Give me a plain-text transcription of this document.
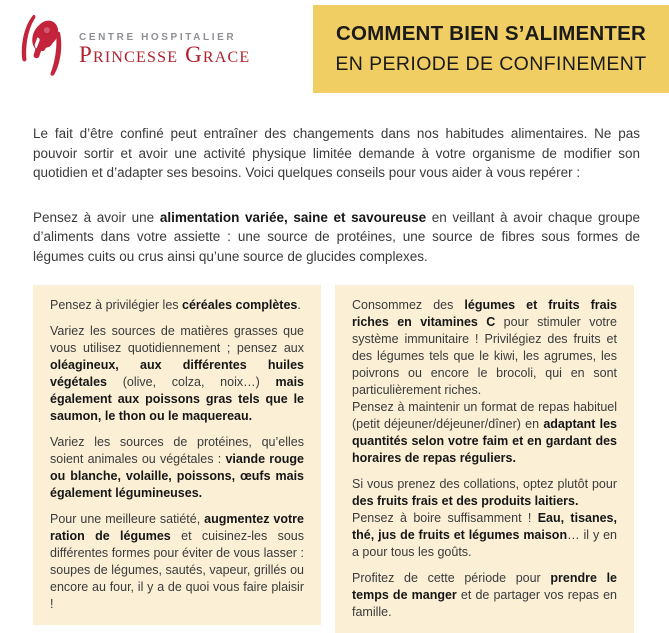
CENTRE HOSPITALIER
Princesse Grace
COMMENT BIEN S’ALIMENTER
EN PERIODE DE CONFINEMENT

Le fait d’être confiné peut entraîner des changements dans nos habitudes alimentaires. Ne pas pouvoir sortir et avoir une activité physique limitée demande à votre organisme de modifier son quotidien et d’adapter ses besoins. Voici quelques conseils pour vous aider à vous repérer :

Pensez à avoir une alimentation variée, saine et savoureuse en veillant à avoir chaque groupe d’aliments dans votre assiette : une source de protéines, une source de fibres sous formes de légumes cuits ou crus ainsi qu’une source de glucides complexes.

Pensez à privilégier les céréales complètes.

Variez les sources de matières grasses que vous utilisez quotidiennement ; pensez aux oléagineux, aux différentes huiles végétales (olive, colza, noix…) mais également aux poissons gras tels que le saumon, le thon ou le maquereau.

Variez les sources de protéines, qu’elles soient animales ou végétales : viande rouge ou blanche, volaille, poissons, œufs mais également légumineuses.

Pour une meilleure satiété, augmentez votre ration de légumes et cuisinez-les sous différentes formes pour éviter de vous lasser : soupes de légumes, sautés, vapeur, grillés ou encore au four, il y a de quoi vous faire plaisir !

Consommez des légumes et fruits frais riches en vitamines C pour stimuler votre système immunitaire ! Privilégiez des fruits et des légumes tels que le kiwi, les agrumes, les poivrons ou encore le brocoli, qui en sont particulièrement riches.

Pensez à maintenir un format de repas habituel (petit déjeuner/déjeuner/dîner) en adaptant les quantités selon votre faim et en gardant des horaires de repas réguliers.

Si vous prenez des collations, optez plutôt pour des fruits frais et des produits laitiers.

Pensez à boire suffisamment ! Eau, tisanes, thé, jus de fruits et légumes maison… il y en a pour tous les goûts.

Profitez de cette période pour prendre le temps de manger et de partager vos repas en famille.
